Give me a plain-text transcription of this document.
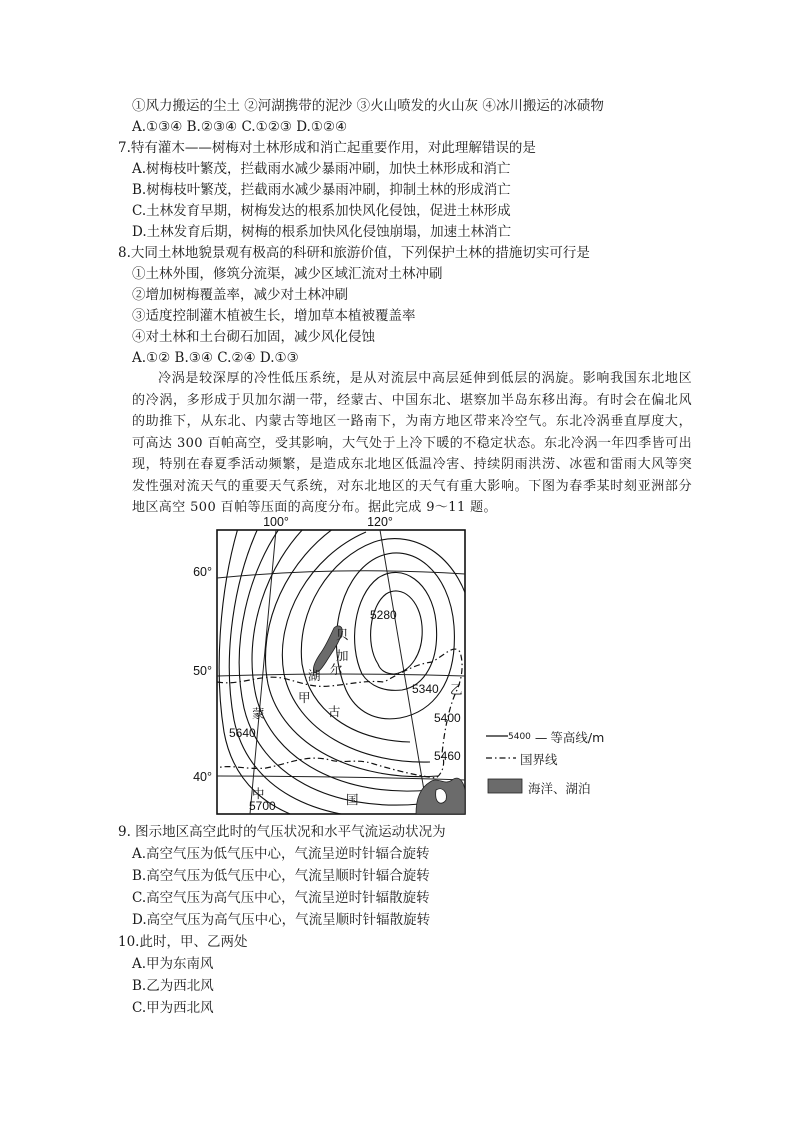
①风力搬运的尘土 ②河湖携带的泥沙 ③火山喷发的火山灰 ④冰川搬运的冰碛物
A.①③④ B.②③④ C.①②③ D.①②④
7.特有灌木——树梅对土林形成和消亡起重要作用，对此理解错误的是
A.树梅枝叶繁茂，拦截雨水减少暴雨冲刷，加快土林形成和消亡
B.树梅枝叶繁茂，拦截雨水减少暴雨冲刷，抑制土林的形成消亡
C.土林发育早期，树梅发达的根系加快风化侵蚀，促进土林形成
D.土林发育后期，树梅的根系加快风化侵蚀崩塌，加速土林消亡
8.大同土林地貌景观有极高的科研和旅游价值，下列保护土林的措施切实可行是
①土林外围，修筑分流渠，减少区域汇流对土林冲刷
②增加树梅覆盖率，减少对土林冲刷
③适度控制灌木植被生长，增加草本植被覆盖率
④对土林和土台砌石加固，减少风化侵蚀
A.①② B.③④ C.②④ D.①③
冷涡是较深厚的冷性低压系统，是从对流层中高层延伸到低层的涡旋。影响我国东北地区的冷涡，多形成于贝加尔湖一带，经蒙古、中国东北、堪察加半岛东移出海。有时会在偏北风的助推下，从东北、内蒙古等地区一路南下，为南方地区带来冷空气。东北冷涡垂直厚度大，可高达 300 百帕高空，受其影响，大气处于上冷下暖的不稳定状态。东北冷涡一年四季皆可出现，特别在春夏季活动频繁，是造成东北地区低温冷害、持续阴雨洪涝、冰雹和雷雨大风等突发性强对流天气的重要天气系统，对东北地区的天气有重大影响。下图为春季某时刻亚洲部分地区高空 500 百帕等压面的高度分布。据此完成 9～11 题。
100°	120°
60°
50°
40°
5280
5340
5400
5460
5640
5700
贝
加
湖 尔
甲
乙
蒙	古
中	国
5400 — 等高线/m
国界线
海洋、湖泊
9. 图示地区高空此时的气压状况和水平气流运动状况为
A.高空气压为低气压中心，气流呈逆时针辐合旋转
B.高空气压为低气压中心，气流呈顺时针辐合旋转
C.高空气压为高气压中心，气流呈逆时针辐散旋转
D.高空气压为高气压中心，气流呈顺时针辐散旋转
10.此时，甲、乙两处
A.甲为东南风
B.乙为西北风
C.甲为西北风
